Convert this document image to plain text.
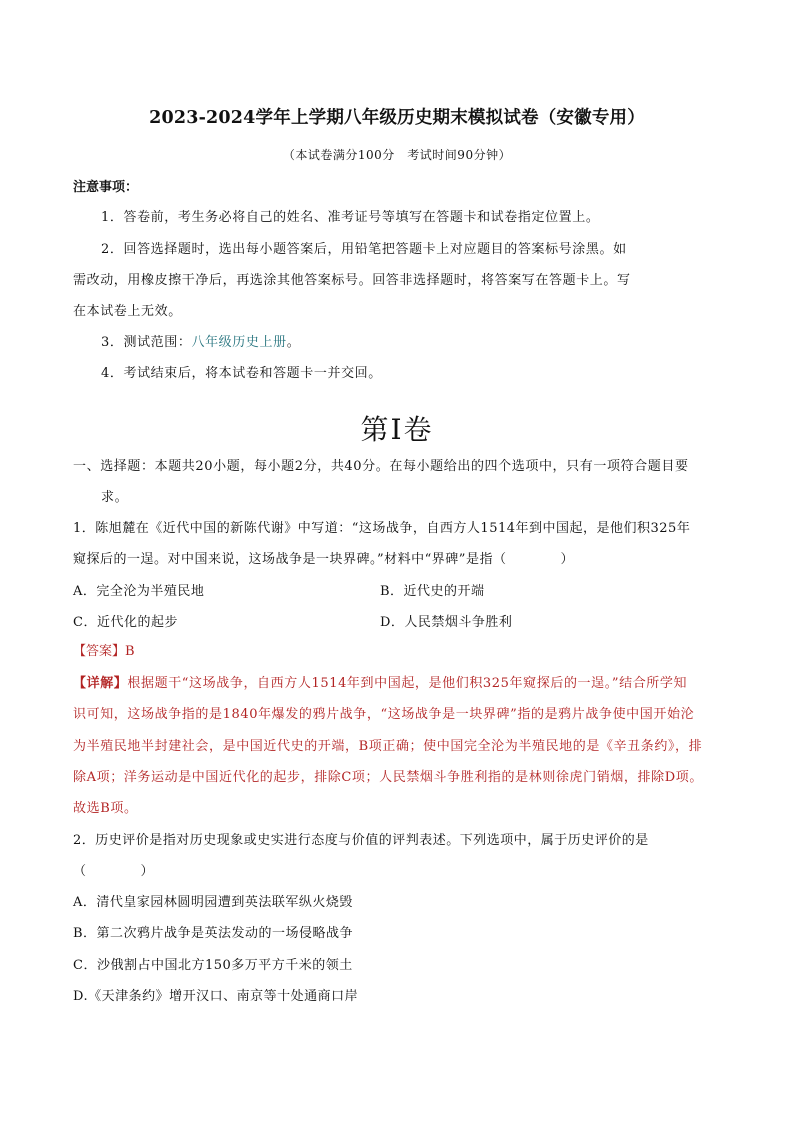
2023-2024学年上学期八年级历史期末模拟试卷（安徽专用）
（本试卷满分100分　考试时间90分钟）
注意事项：
1．答卷前，考生务必将自己的姓名、准考证号等填写在答题卡和试卷指定位置上。
2．回答选择题时，选出每小题答案后，用铅笔把答题卡上对应题目的答案标号涂黑。如
需改动，用橡皮擦干净后，再选涂其他答案标号。回答非选择题时，将答案写在答题卡上。写
在本试卷上无效。
3．测试范围：八年级历史上册。
4．考试结束后，将本试卷和答题卡一并交回。
第Ⅰ卷
一、选择题：本题共20小题，每小题2分，共40分。在每小题给出的四个选项中，只有一项符合题目要
求。
1．陈旭麓在《近代中国的新陈代谢》中写道：“这场战争，自西方人1514年到中国起，是他们积325年
窥探后的一逞。对中国来说，这场战争是一块界碑。”材料中“界碑”是指（　　　　）
A．完全沦为半殖民地	B．近代史的开端
C．近代化的起步	D．人民禁烟斗争胜利
【答案】B
【详解】根据题干“这场战争，自西方人1514年到中国起，是他们积325年窥探后的一逞。”结合所学知
识可知，这场战争指的是1840年爆发的鸦片战争，“这场战争是一块界碑”指的是鸦片战争使中国开始沦
为半殖民地半封建社会，是中国近代史的开端，B项正确；使中国完全沦为半殖民地的是《辛丑条约》，排
除A项；洋务运动是中国近代化的起步，排除C项；人民禁烟斗争胜利指的是林则徐虎门销烟，排除D项。
故选B项。
2．历史评价是指对历史现象或史实进行态度与价值的评判表述。下列选项中，属于历史评价的是
（　　　　）
A．清代皇家园林圆明园遭到英法联军纵火烧毁
B．第二次鸦片战争是英法发动的一场侵略战争
C．沙俄割占中国北方150多万平方千米的领土
D.《天津条约》增开汉口、南京等十处通商口岸
